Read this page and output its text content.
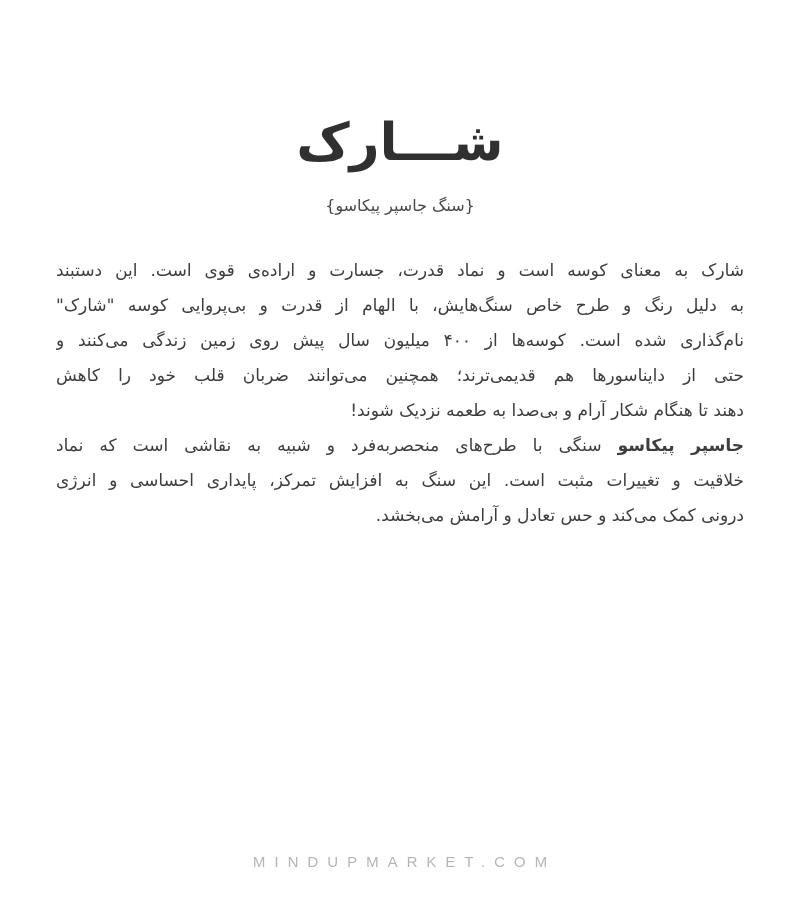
شـــارک
{سنگ جاسپر پیکاسو}
شارک به معنای کوسه است و نماد قدرت، جسارت و اراده‌ی قوی است. این دستبند
به دلیل رنگ و طرح خاص سنگ‌هایش، با الهام از قدرت و بی‌پروایی کوسه "شارک"
نام‌گذاری شده است. کوسه‌ها از ۴۰۰ میلیون سال پیش روی زمین زندگی می‌کنند و
حتی از دایناسورها هم قدیمی‌ترند؛ همچنین می‌توانند ضربان قلب خود را کاهش
دهند تا هنگام شکار آرام و بی‌صدا به طعمه نزدیک شوند!
جاسپر پیکاسو سنگی با طرح‌های منحصربه‌فرد و شبیه به نقاشی است که نماد
خلاقیت و تغییرات مثبت است. این سنگ به افزایش تمرکز، پایداری احساسی و انرژی
درونی کمک می‌کند و حس تعادل و آرامش می‌بخشد.
MINDUPMARKET.COM
